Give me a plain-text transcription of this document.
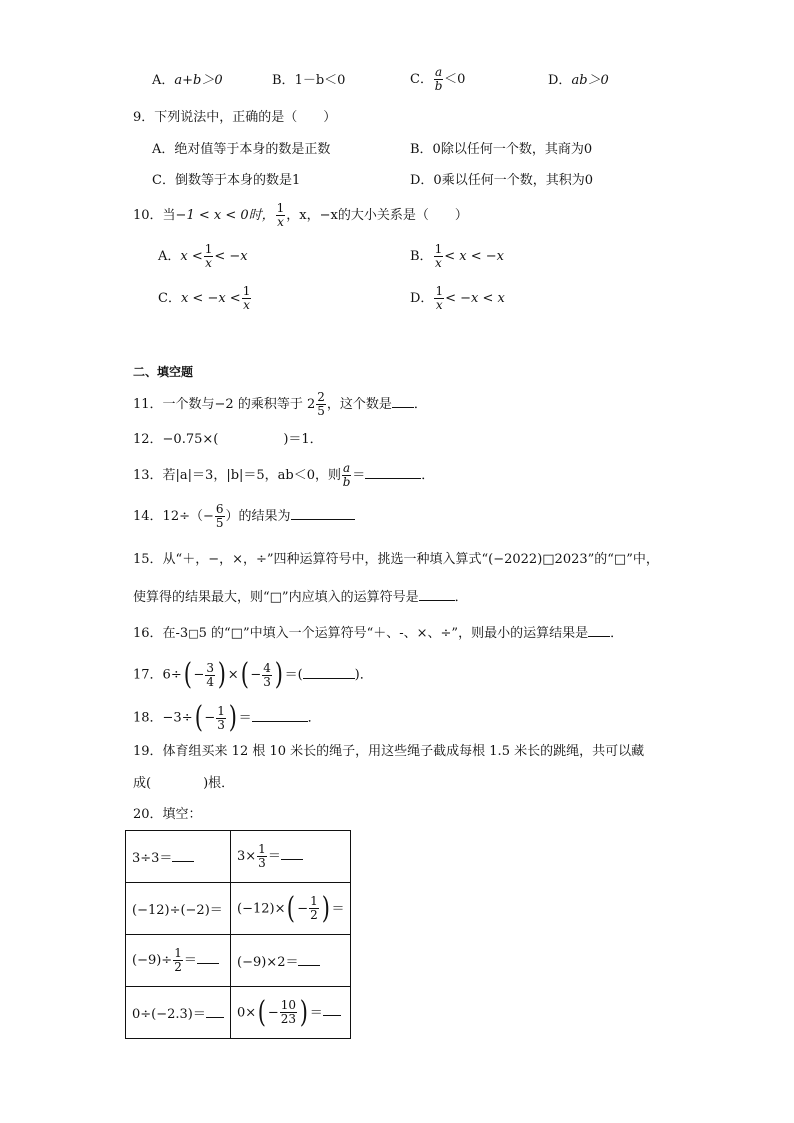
A．a+b＞0	B．1－b＜0	C． $\frac{a}{b} <0$	D．ab＞0
9．下列说法中，正确的是（　　）
A．绝对值等于本身的数是正数	B．0除以任何一个数，其商为0
C．倒数等于本身的数是1	D．0乘以任何一个数，其积为0
10．当−1 < x < 0时， $\frac{1}{x}$ ，x，−x的大小关系是（　　）
A．$x < \frac{1}{x} < -x$	B． $\frac{1}{x} < x < -x$
C．$x < -x < \frac{1}{x}$	D． $\frac{1}{x} < -x < x$
二、填空题
11．一个数与−2 的乘积等于 $2 \frac{2}{5}$ ，这个数是 ．
12．−0.75×(　　　　　)＝1．
13．若|a|＝3，|b|＝5，ab＜0，则 $\frac{a}{b}$ ＝	．
14．$12\div(- \frac{6}{5}$ ）的结果为
15．从“＋，−，×，÷”四种运算符号中，挑选一种填入算式“(−2022)□2023”的“□”中，
使算得的结果最大，则“□”内应填入的运算符号是	．
16．在-3□5 的“□”中填入一个运算符号“＋、-、×、÷”，则最小的运算结果是 ．
17．$6\div( - \frac{3}{4}$ ) ×( − $\frac{4}{3}$ ) ＝(	)．
18．$-3\div( - \frac{1}{3}$ ) ＝	．
19．体育组买来 12 根 10 米长的绳子，用这些绳子截成每根 1.5 米长的跳绳，共可以藏
成(　　　　)根．
20．填空：
3÷3＝	$3\times \frac{1}{3}$ ＝
(−12)÷(−2)＝	$(-12)\times( - \frac{1}{2}$ ) ＝
$(-9)\div \frac{1}{2}$ ＝	(−9)×2＝
0÷(−2.3)＝	$0\times( - \frac{10}{23}$ ) ＝
